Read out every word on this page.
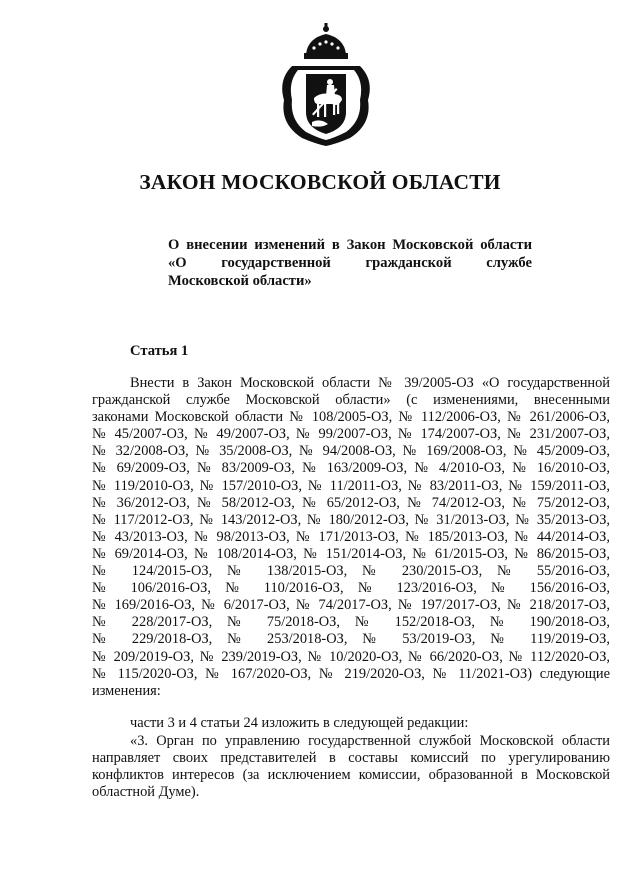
ЗАКОН МОСКОВСКОЙ ОБЛАСТИ
О внесении изменений в Закон Московской области
«О государственной гражданской службе
Московской области»
Статья 1
Внести в Закон Московской области № 39/2005-ОЗ «О государственной
гражданской службе Московской области» (с изменениями, внесенными
законами Московской области № 108/2005-ОЗ, № 112/2006-ОЗ, № 261/2006-ОЗ,
№ 45/2007-ОЗ, № 49/2007-ОЗ, № 99/2007-ОЗ, № 174/2007-ОЗ, № 231/2007-ОЗ,
№ 32/2008-ОЗ, № 35/2008-ОЗ, № 94/2008-ОЗ, № 169/2008-ОЗ, № 45/2009-ОЗ,
№ 69/2009-ОЗ, № 83/2009-ОЗ, № 163/2009-ОЗ, № 4/2010-ОЗ, № 16/2010-ОЗ,
№ 119/2010-ОЗ, № 157/2010-ОЗ, № 11/2011-ОЗ, № 83/2011-ОЗ, № 159/2011-ОЗ,
№ 36/2012-ОЗ, № 58/2012-ОЗ, № 65/2012-ОЗ, № 74/2012-ОЗ, № 75/2012-ОЗ,
№ 117/2012-ОЗ, № 143/2012-ОЗ, № 180/2012-ОЗ, № 31/2013-ОЗ, № 35/2013-ОЗ,
№ 43/2013-ОЗ, № 98/2013-ОЗ, № 171/2013-ОЗ, № 185/2013-ОЗ, № 44/2014-ОЗ,
№ 69/2014-ОЗ, № 108/2014-ОЗ, № 151/2014-ОЗ, № 61/2015-ОЗ, № 86/2015-ОЗ,
№ 124/2015-ОЗ, № 138/2015-ОЗ, № 230/2015-ОЗ, № 55/2016-ОЗ,
№ 106/2016-ОЗ, № 110/2016-ОЗ, № 123/2016-ОЗ, № 156/2016-ОЗ,
№ 169/2016-ОЗ, № 6/2017-ОЗ, № 74/2017-ОЗ, № 197/2017-ОЗ, № 218/2017-ОЗ,
№ 228/2017-ОЗ, № 75/2018-ОЗ, № 152/2018-ОЗ, № 190/2018-ОЗ,
№ 229/2018-ОЗ, № 253/2018-ОЗ, № 53/2019-ОЗ, № 119/2019-ОЗ,
№ 209/2019-ОЗ, № 239/2019-ОЗ, № 10/2020-ОЗ, № 66/2020-ОЗ, № 112/2020-ОЗ,
№ 115/2020-ОЗ, № 167/2020-ОЗ, № 219/2020-ОЗ, № 11/2021-ОЗ) следующие
изменения:
части 3 и 4 статьи 24 изложить в следующей редакции:
«3. Орган по управлению государственной службой Московской области
направляет своих представителей в составы комиссий по урегулированию
конфликтов интересов (за исключением комиссии, образованной в Московской
областной Думе).
